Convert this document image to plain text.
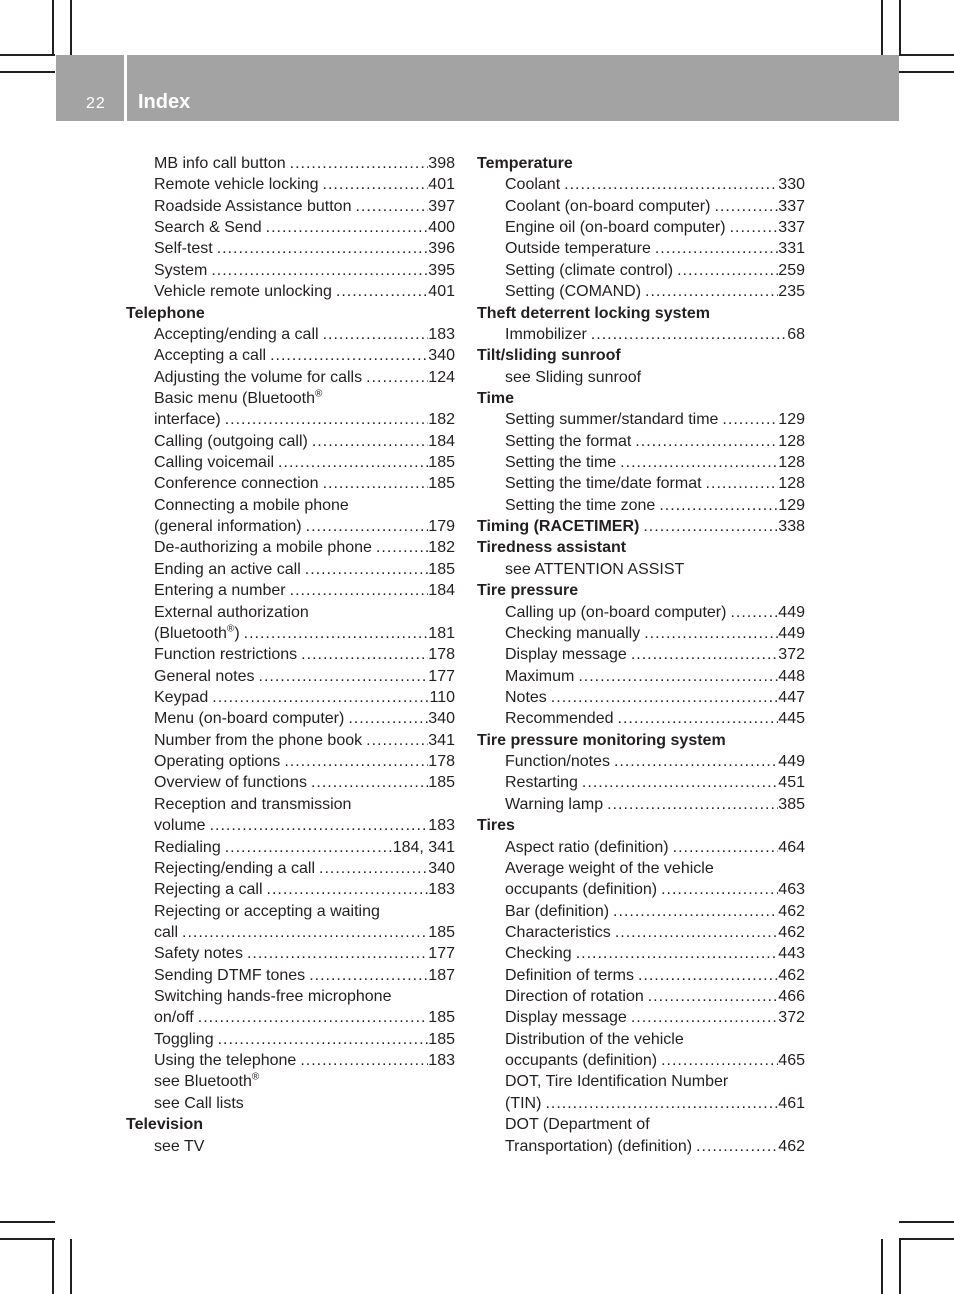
22 Index
MB info call button .....	398
Remote vehicle locking .....	401
Roadside Assistance button .....	397
Search & Send .....	400
Self-test .....	396
System .....	395
Vehicle remote unlocking .....	401
Telephone
Accepting/ending a call .....	183
Accepting a call .....	340
Adjusting the volume for calls .....	124
Basic menu (Bluetooth®
interface) .....	182
Calling (outgoing call) .....	184
Calling voicemail .....	185
Conference connection .....	185
Connecting a mobile phone
(general information) .....	179
De-authorizing a mobile phone .....	182
Ending an active call .....	185
Entering a number .....	184
External authorization
(Bluetooth®) .....	181
Function restrictions .....	178
General notes .....	177
Keypad .....	110
Menu (on-board computer) .....	340
Number from the phone book .....	341
Operating options .....	178
Overview of functions .....	185
Reception and transmission
volume .....	183
Redialing .....	184, 341
Rejecting/ending a call .....	340
Rejecting a call .....	183
Rejecting or accepting a waiting
call .....	185
Safety notes .....	177
Sending DTMF tones .....	187
Switching hands-free microphone
on/off .....	185
Toggling .....	185
Using the telephone .....	183
see Bluetooth®
see Call lists
Television
see TV
Temperature
Coolant .....	330
Coolant (on-board computer) .....	337
Engine oil (on-board computer) .....	337
Outside temperature .....	331
Setting (climate control) .....	259
Setting (COMAND) .....	235
Theft deterrent locking system
Immobilizer .....	68
Tilt/sliding sunroof
see Sliding sunroof
Time
Setting summer/standard time .....	129
Setting the format .....	128
Setting the time .....	128
Setting the time/date format .....	128
Setting the time zone .....	129
Timing (RACETIMER) .....	338
Tiredness assistant
see ATTENTION ASSIST
Tire pressure
Calling up (on-board computer) .....	449
Checking manually .....	449
Display message .....	372
Maximum .....	448
Notes .....	447
Recommended .....	445
Tire pressure monitoring system
Function/notes .....	449
Restarting .....	451
Warning lamp .....	385
Tires
Aspect ratio (definition) .....	464
Average weight of the vehicle
occupants (definition) .....	463
Bar (definition) .....	462
Characteristics .....	462
Checking .....	443
Definition of terms .....	462
Direction of rotation .....	466
Display message .....	372
Distribution of the vehicle
occupants (definition) .....	465
DOT, Tire Identification Number
(TIN) .....	461
DOT (Department of
Transportation) (definition) .....	462
